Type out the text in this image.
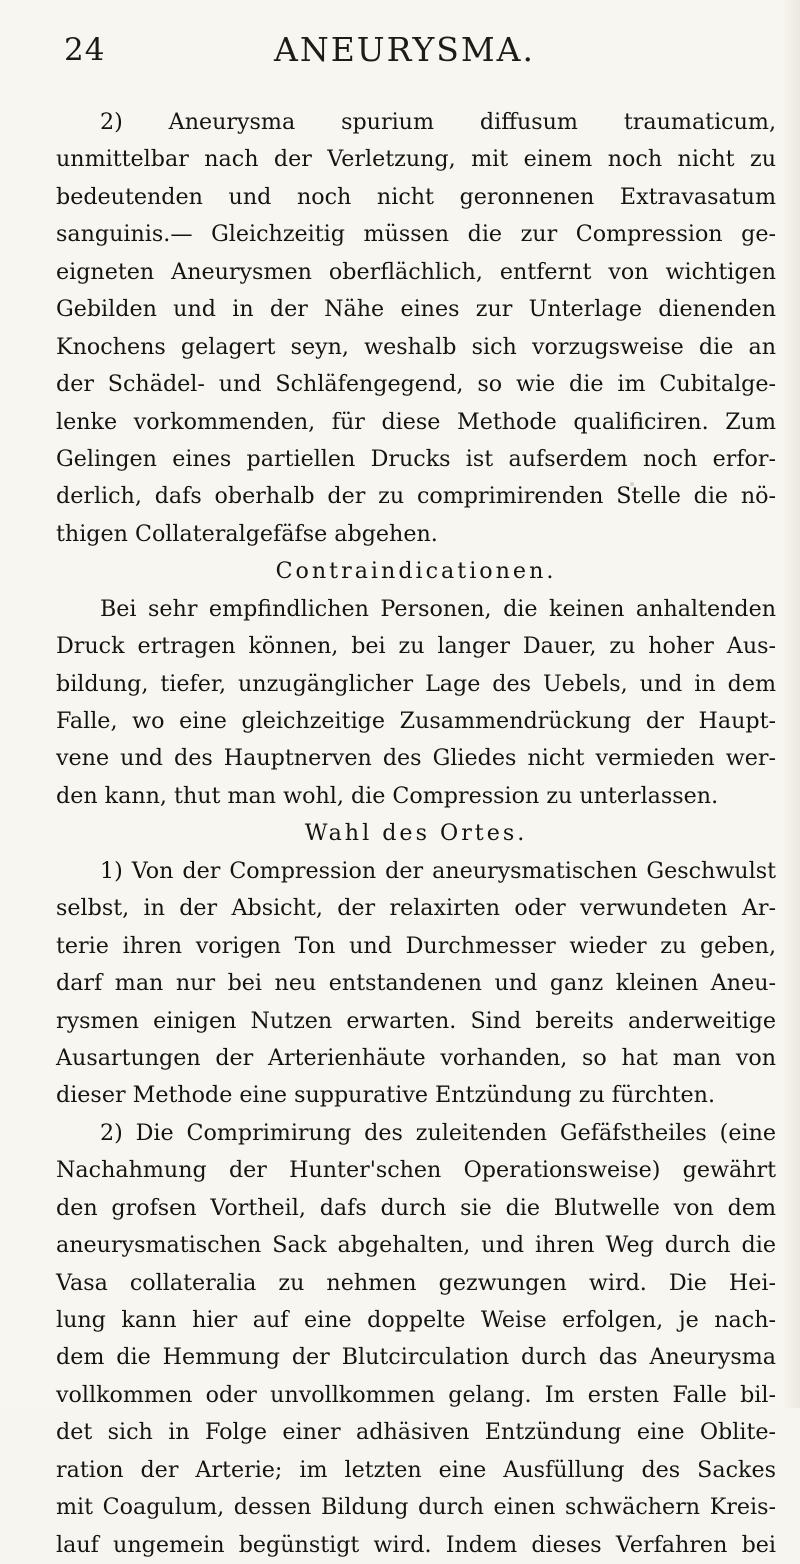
24	ANEURYSMA.
2) Aneurysma spurium diffusum traumaticum,
unmittelbar nach der Verletzung, mit einem noch nicht zu
bedeutenden und noch nicht geronnenen Extravasatum
sanguinis.— Gleichzeitig müssen die zur Compression ge-
eigneten Aneurysmen oberflächlich, entfernt von wichtigen
Gebilden und in der Nähe eines zur Unterlage dienenden
Knochens gelagert seyn, weshalb sich vorzugsweise die an
der Schädel- und Schläfengegend, so wie die im Cubitalge-
lenke vorkommenden, für diese Methode qualificiren. Zum
Gelingen eines partiellen Drucks ist aufserdem noch erfor-
derlich, dafs oberhalb der zu comprimirenden Stelle die nö-
thigen Collateralgefäfse abgehen.
Contraindicationen.
Bei sehr empfindlichen Personen, die keinen anhaltenden
Druck ertragen können, bei zu langer Dauer, zu hoher Aus-
bildung, tiefer, unzugänglicher Lage des Uebels, und in dem
Falle, wo eine gleichzeitige Zusammendrückung der Haupt-
vene und des Hauptnerven des Gliedes nicht vermieden wer-
den kann, thut man wohl, die Compression zu unterlassen.
Wahl des Ortes.
1) Von der Compression der aneurysmatischen Geschwulst
selbst, in der Absicht, der relaxirten oder verwundeten Ar-
terie ihren vorigen Ton und Durchmesser wieder zu geben,
darf man nur bei neu entstandenen und ganz kleinen Aneu-
rysmen einigen Nutzen erwarten. Sind bereits anderweitige
Ausartungen der Arterienhäute vorhanden, so hat man von
dieser Methode eine suppurative Entzündung zu fürchten.
2) Die Comprimirung des zuleitenden Gefäfstheiles (eine
Nachahmung der Hunter'schen Operationsweise) gewährt
den grofsen Vortheil, dafs durch sie die Blutwelle von dem
aneurysmatischen Sack abgehalten, und ihren Weg durch die
Vasa collateralia zu nehmen gezwungen wird. Die Hei-
lung kann hier auf eine doppelte Weise erfolgen, je nach-
dem die Hemmung der Blutcirculation durch das Aneurysma
vollkommen oder unvollkommen gelang. Im ersten Falle bil-
det sich in Folge einer adhäsiven Entzündung eine Oblite-
ration der Arterie; im letzten eine Ausfüllung des Sackes
mit Coagulum, dessen Bildung durch einen schwächern Kreis-
lauf ungemein begünstigt wird. Indem dieses Verfahren bei
